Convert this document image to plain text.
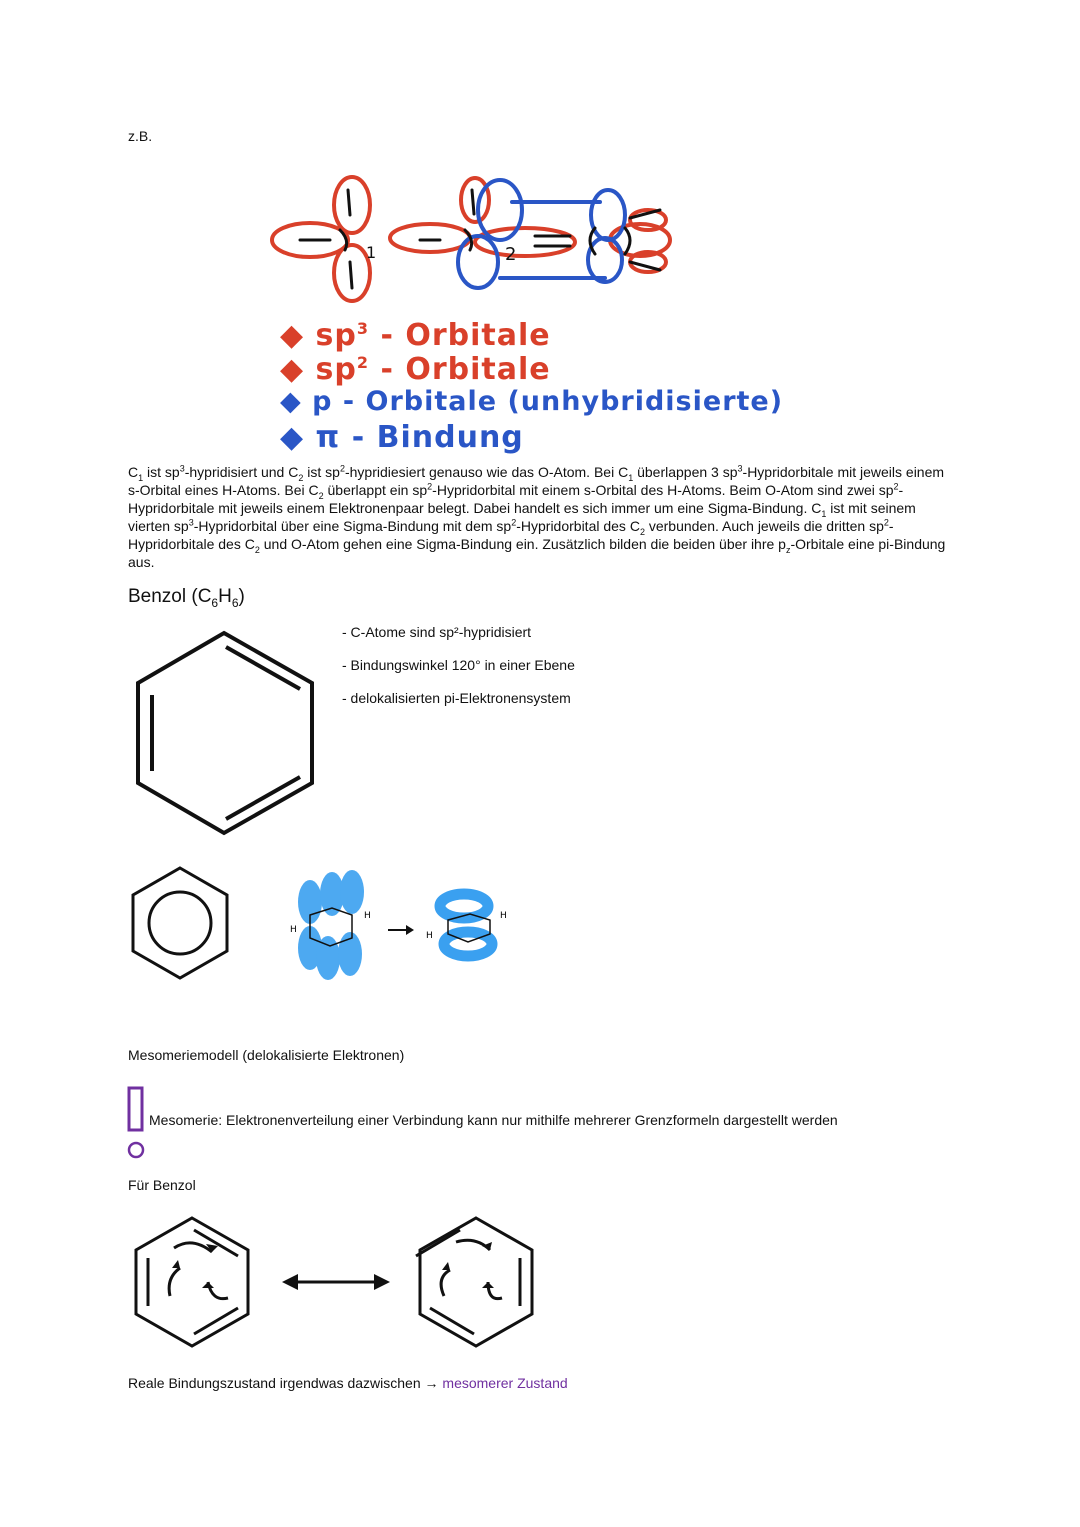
z.B.
1	2
◆ $sp^3$ - Orbitale
◆ $sp^2$ - Orbitale
◆ p - Orbitale (unhybridisierte)
◆ π - Bindung
$C_1$ ist $sp^3$-hypridisiert und $C_2$ ist $sp^2$-hypridiesiert genauso wie das O-Atom. Bei $C_1$ überlappen 3 $sp^3$-Hypridorbitale mit jeweils einem s-Orbital eines H-Atoms. Bei $C_2$ überlappt ein $sp^2$-Hypridorbital mit einem s-Orbital des H-Atoms. Beim O-Atom sind zwei $sp^2$-Hypridorbitale mit jeweils einem Elektronenpaar belegt. Dabei handelt es sich immer um eine Sigma-Bindung. $C_1$ ist mit seinem vierten $sp^3$-Hypridorbital über eine Sigma-Bindung mit dem $sp^2$-Hypridorbital des $C_2$ verbunden. Auch jeweils die dritten $sp^2$-Hypridorbitale des $C_2$ und O-Atom gehen eine Sigma-Bindung ein. Zusätzlich bilden die beiden über ihre $p_z$-Orbitale eine pi-Bindung aus.
Benzol $(C_6H_6)$
- C-Atome sind sp²-hypridisiert
- Bindungswinkel 120° in einer Ebene
- delokalisierten pi-Elektronensystem
H
H
H
H
Mesomeriemodell (delokalisierte Elektronen)
Mesomerie: Elektronenverteilung einer Verbindung kann nur mithilfe mehrerer Grenzformeln dargestellt werden
Für Benzol
Reale Bindungszustand irgendwas dazwischen → mesomerer Zustand
